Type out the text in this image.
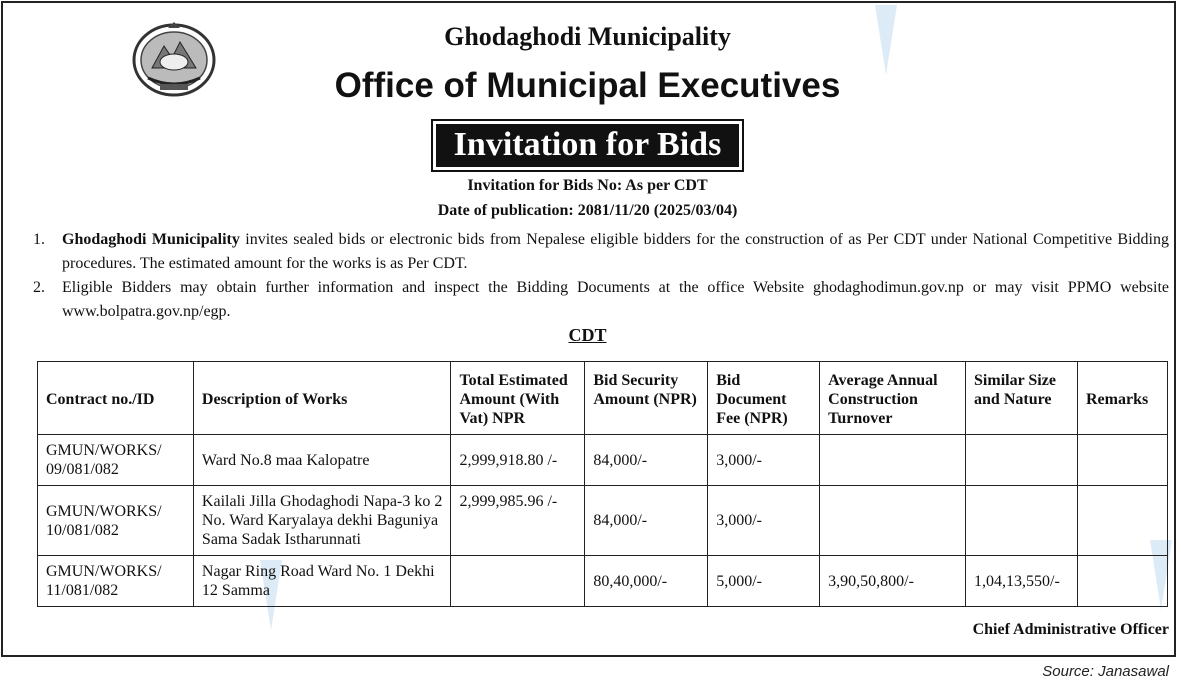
Ghodaghodi Municipality
Office of Municipal Executives
Invitation for Bids
Invitation for Bids No: As per CDT
Date of publication: 2081/11/20 (2025/03/04)
1. Ghodaghodi Municipality invites sealed bids or electronic bids from Nepalese eligible bidders for the construction of as Per CDT under National Competitive Bidding procedures. The estimated amount for the works is as Per CDT.
2. Eligible Bidders may obtain further information and inspect the Bidding Documents at the office Website ghodaghodimun.gov.np or may visit PPMO website www.bolpatra.gov.np/egp.
CDT
Contract no./ID	Description of Works	Total Estimated Amount (With Vat) NPR	Bid Security Amount (NPR)	Bid Document Fee (NPR)	Average Annual Construction Turnover	Similar Size and Nature	Remarks
GMUN/WORKS/ 09/081/082	Ward No.8 maa Kalopatre	2,999,918.80 /-	84,000/-	3,000/-			
GMUN/WORKS/ 10/081/082	Kailali Jilla Ghodaghodi Napa-3 ko 2 No. Ward Karyalaya dekhi Baguniya Sama Sadak Istharunnati	2,999,985.96 /-	84,000/-	3,000/-			
GMUN/WORKS/ 11/081/082	Nagar Ring Road Ward No. 1 Dekhi 12 Samma		80,40,000/-	5,000/-	3,90,50,800/-	1,04,13,550/-	
Chief Administrative Officer
Source: Janasawal
